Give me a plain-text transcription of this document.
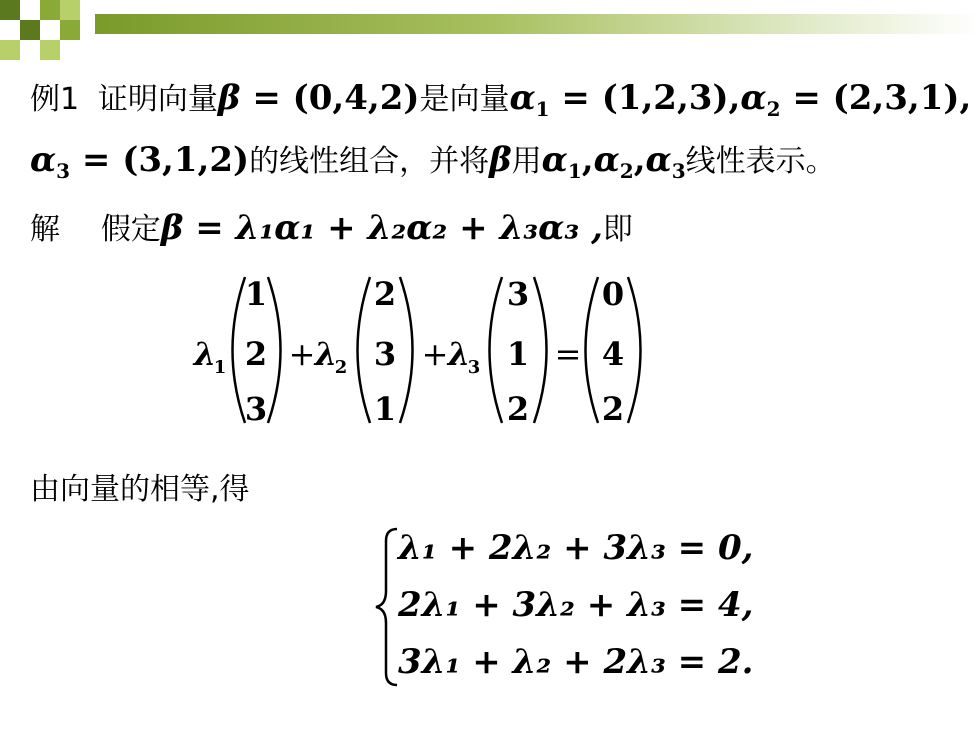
例1 证明向量β = (0,4,2)是向量$\alpha_1 = (1,2,3),\alpha_2 = (2,3,1)$,
$\alpha_3 = (3,1,2)$的线性组合，并将β用$\alpha_1,\alpha_2,\alpha_3$线性表示。
解 假定β = λ₁α₁ + λ₂α₂ + λ₃α₃ ,即
λ
1
1
2
3
+ λ
2
2
3
1
+ λ
3
3
1
2
=
0
4
2
由向量的相等,得
λ₁ + 2λ₂ + 3λ₃ = 0,
2λ₁ + 3λ₂ + λ₃ = 4,
3λ₁ + λ₂ + 2λ₃ = 2.
